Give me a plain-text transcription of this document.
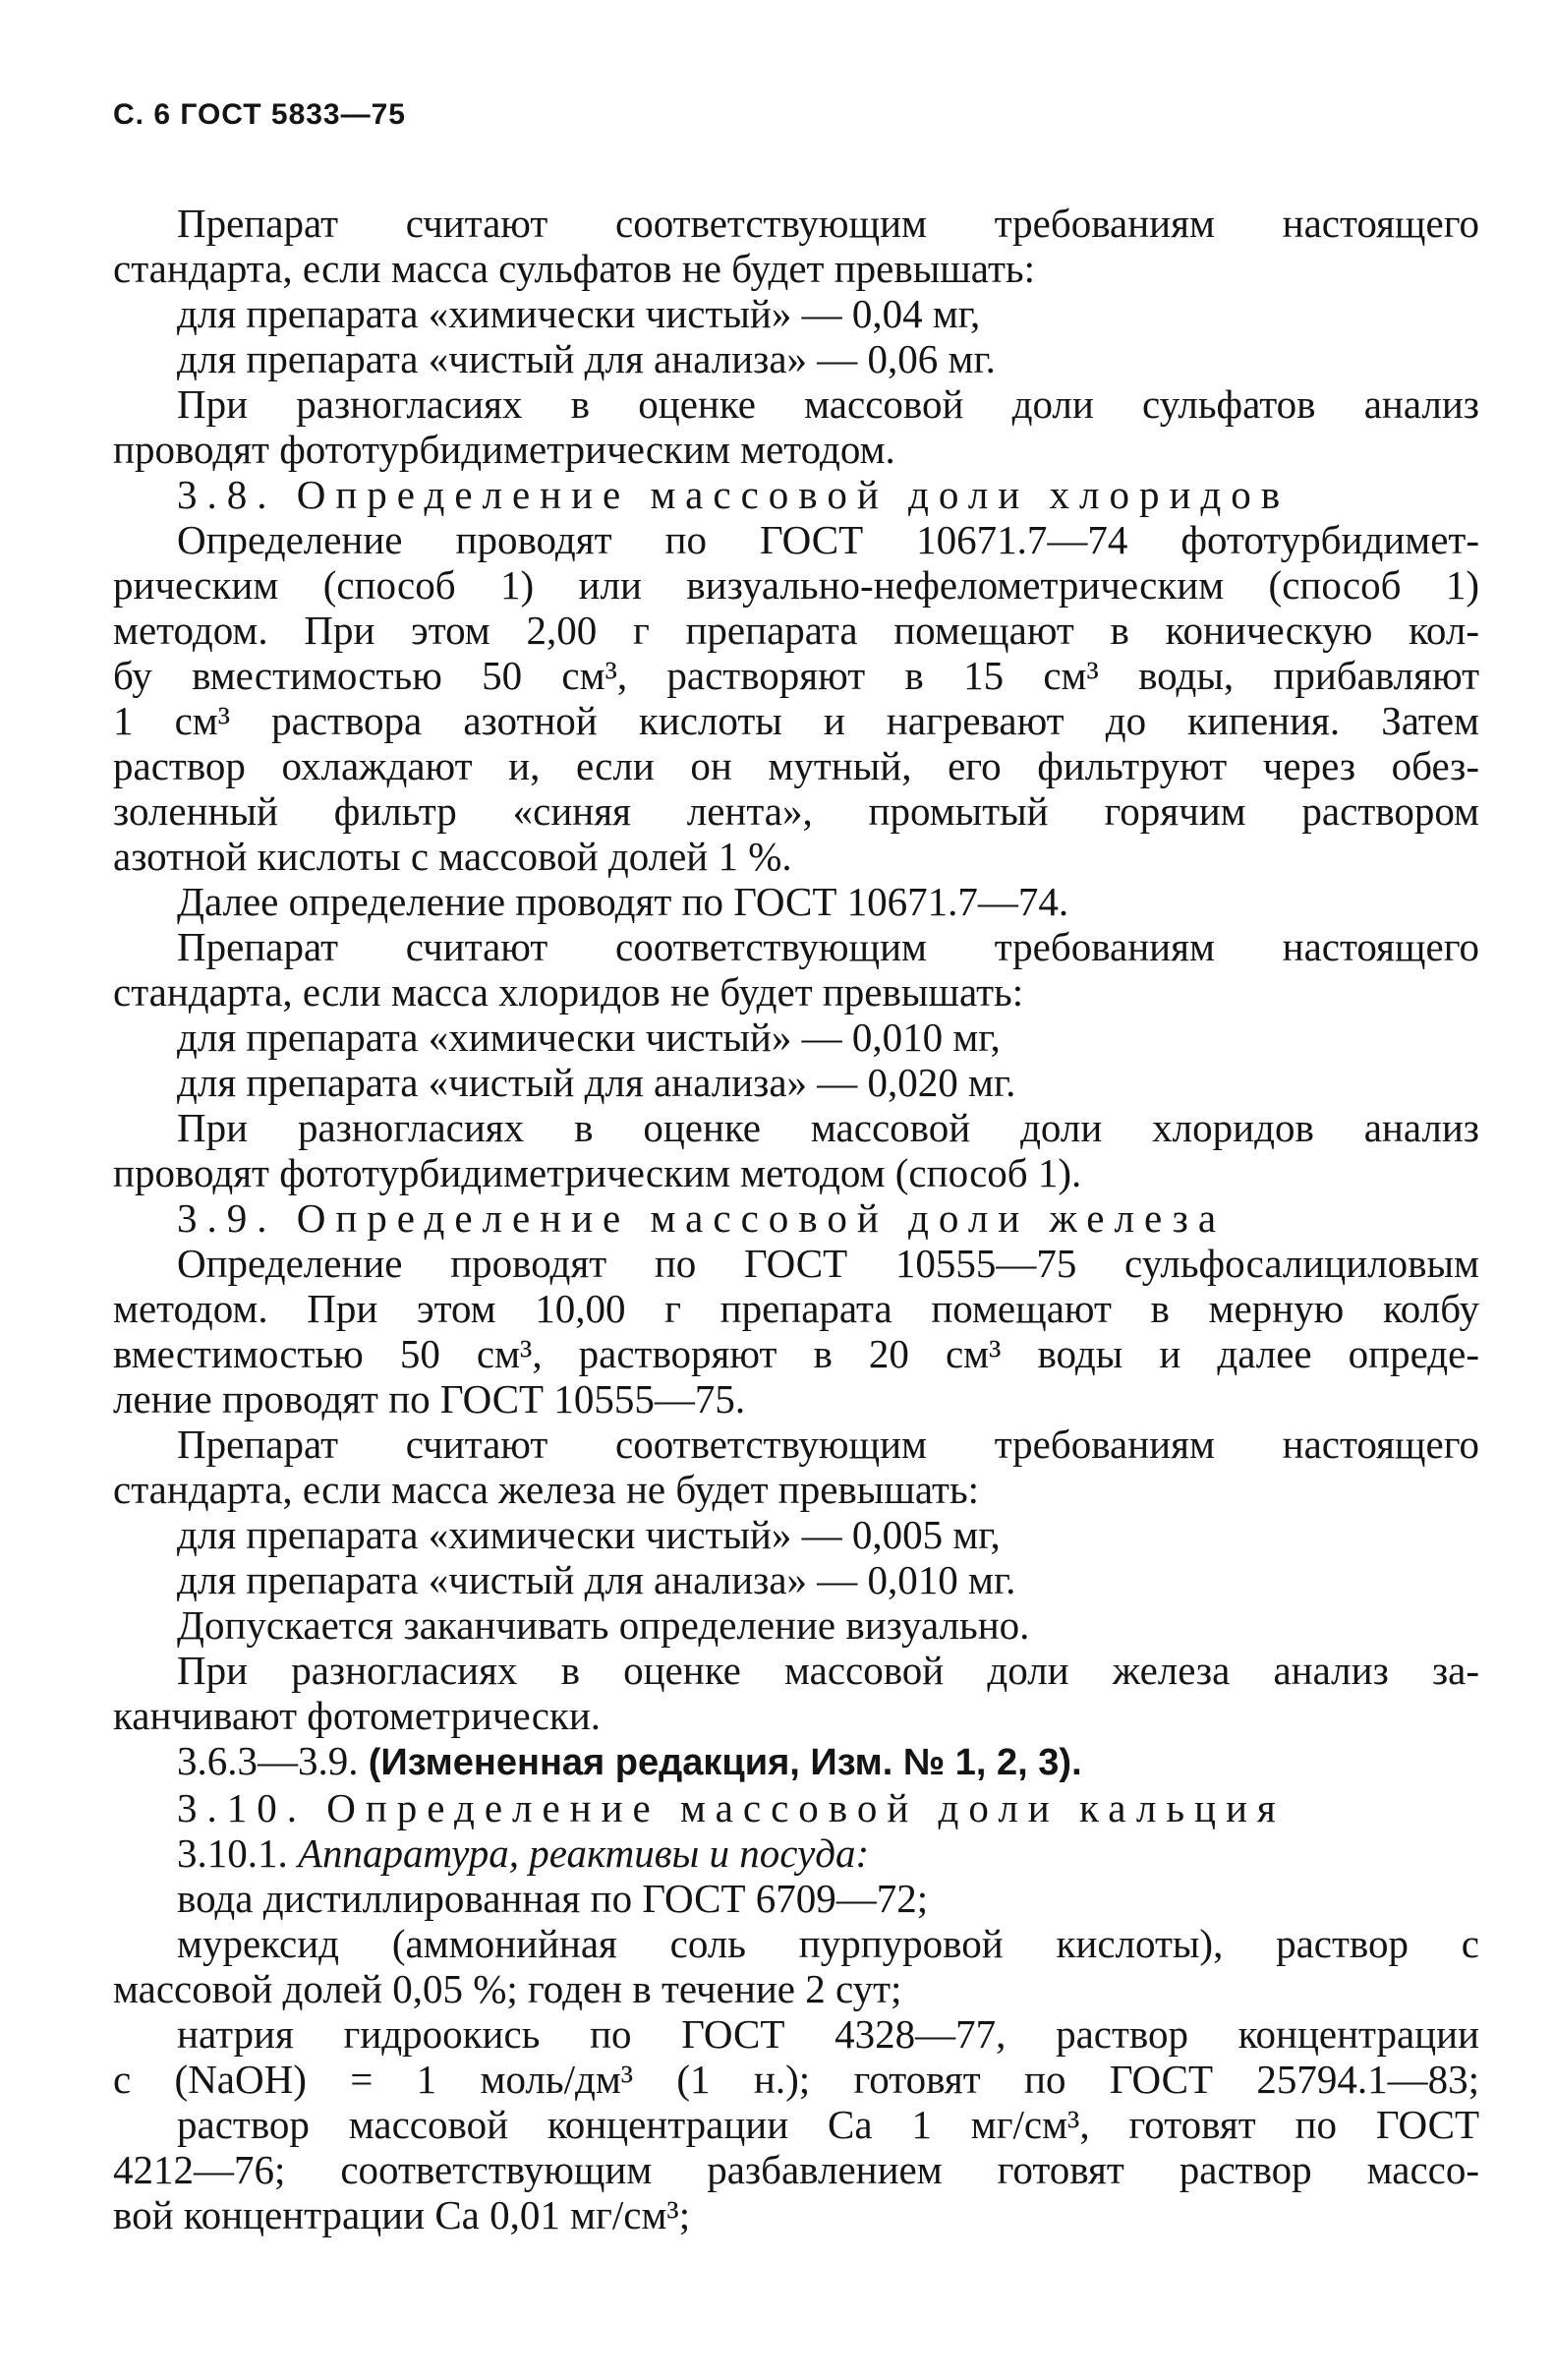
С. 6 ГОСТ 5833—75
Препарат считают соответствующим требованиям настоящего
стандарта, если масса сульфатов не будет превышать:
для препарата «химически чистый» — 0,04 мг,
для препарата «чистый для анализа» — 0,06 мг.
При разногласиях в оценке массовой доли сульфатов анализ
проводят фототурбидиметрическим методом.
3.8. Определение массовой доли хлоридов
Определение проводят по ГОСТ 10671.7—74 фототурбидимет-
рическим (способ 1) или визуально-нефелометрическим (способ 1)
методом. При этом 2,00 г препарата помещают в коническую кол-
бу вместимостью 50 см³, растворяют в 15 см³ воды, прибавляют
1 см³ раствора азотной кислоты и нагревают до кипения. Затем
раствор охлаждают и, если он мутный, его фильтруют через обез-
золенный фильтр «синяя лента», промытый горячим раствором
азотной кислоты с массовой долей 1 %.
Далее определение проводят по ГОСТ 10671.7—74.
Препарат считают соответствующим требованиям настоящего
стандарта, если масса хлоридов не будет превышать:
для препарата «химически чистый» — 0,010 мг,
для препарата «чистый для анализа» — 0,020 мг.
При разногласиях в оценке массовой доли хлоридов анализ
проводят фототурбидиметрическим методом (способ 1).
3.9. Определение массовой доли железа
Определение проводят по ГОСТ 10555—75 сульфосалициловым
методом. При этом 10,00 г препарата помещают в мерную колбу
вместимостью 50 см³, растворяют в 20 см³ воды и далее опреде-
ление проводят по ГОСТ 10555—75.
Препарат считают соответствующим требованиям настоящего
стандарта, если масса железа не будет превышать:
для препарата «химически чистый» — 0,005 мг,
для препарата «чистый для анализа» — 0,010 мг.
Допускается заканчивать определение визуально.
При разногласиях в оценке массовой доли железа анализ за-
канчивают фотометрически.
3.6.3—3.9. (Измененная редакция, Изм. № 1, 2, 3).
3.10. Определение массовой доли кальция
3.10.1. Аппаратура, реактивы и посуда:
вода дистиллированная по ГОСТ 6709—72;
мурексид (аммонийная соль пурпуровой кислоты), раствор с
массовой долей 0,05 %; годен в течение 2 сут;
натрия гидроокись по ГОСТ 4328—77, раствор концентрации
c (NaOH) = 1 моль/дм³ (1 н.); готовят по ГОСТ 25794.1—83;
раствор массовой концентрации Ca 1 мг/см³, готовят по ГОСТ
4212—76; соответствующим разбавлением готовят раствор массо-
вой концентрации Ca 0,01 мг/см³;
